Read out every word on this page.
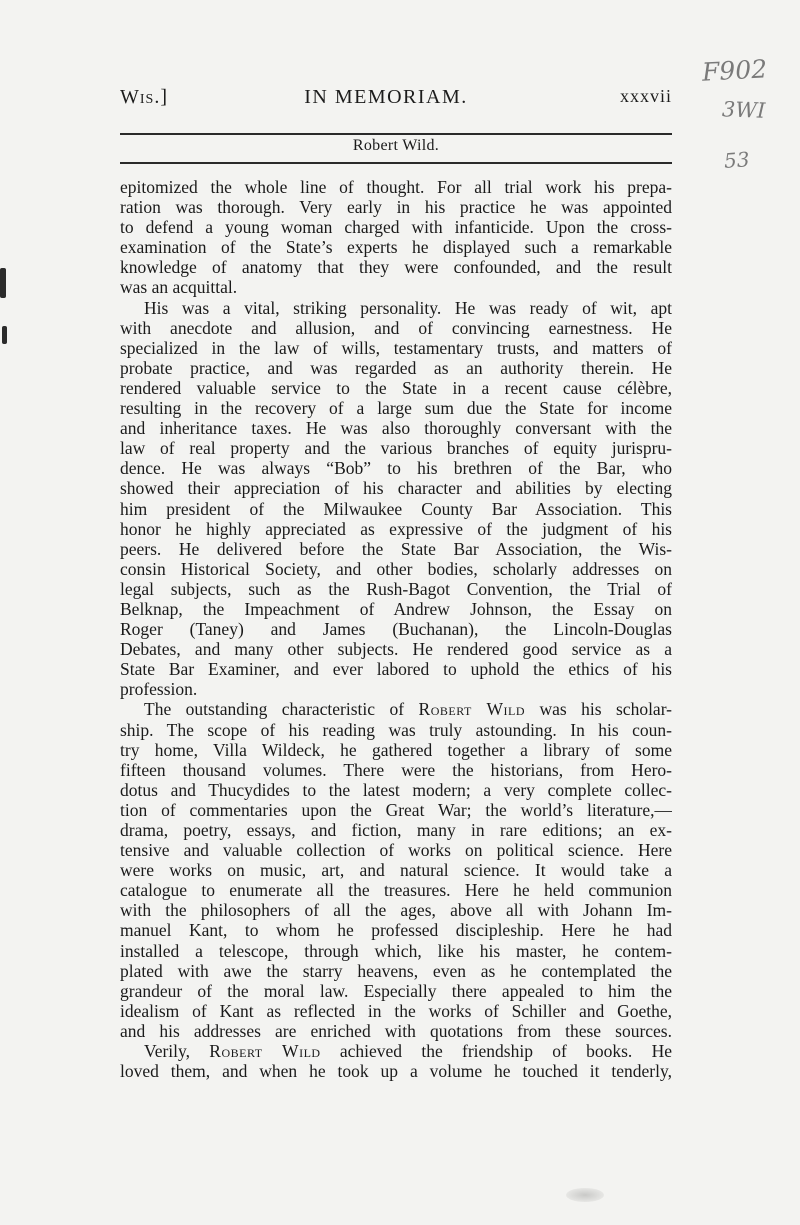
Wis.]	IN MEMORIAM.	xxxvii
F902
3WI
53
Robert Wild.
epitomized the whole line of thought. For all trial work his prepa-
ration was thorough. Very early in his practice he was appointed
to defend a young woman charged with infanticide. Upon the cross-
examination of the State’s experts he displayed such a remarkable
knowledge of anatomy that they were confounded, and the result
was an acquittal.
His was a vital, striking personality. He was ready of wit, apt
with anecdote and allusion, and of convincing earnestness. He
specialized in the law of wills, testamentary trusts, and matters of
probate practice, and was regarded as an authority therein. He
rendered valuable service to the State in a recent cause célèbre,
resulting in the recovery of a large sum due the State for income
and inheritance taxes. He was also thoroughly conversant with the
law of real property and the various branches of equity jurispru-
dence. He was always “Bob” to his brethren of the Bar, who
showed their appreciation of his character and abilities by electing
him president of the Milwaukee County Bar Association. This
honor he highly appreciated as expressive of the judgment of his
peers. He delivered before the State Bar Association, the Wis-
consin Historical Society, and other bodies, scholarly addresses on
legal subjects, such as the Rush-Bagot Convention, the Trial of
Belknap, the Impeachment of Andrew Johnson, the Essay on
Roger (Taney) and James (Buchanan), the Lincoln-Douglas
Debates, and many other subjects. He rendered good service as a
State Bar Examiner, and ever labored to uphold the ethics of his
profession.
The outstanding characteristic of Robert Wild was his scholar-
ship. The scope of his reading was truly astounding. In his coun-
try home, Villa Wildeck, he gathered together a library of some
fifteen thousand volumes. There were the historians, from Hero-
dotus and Thucydides to the latest modern; a very complete collec-
tion of commentaries upon the Great War; the world’s literature,—
drama, poetry, essays, and fiction, many in rare editions; an ex-
tensive and valuable collection of works on political science. Here
were works on music, art, and natural science. It would take a
catalogue to enumerate all the treasures. Here he held communion
with the philosophers of all the ages, above all with Johann Im-
manuel Kant, to whom he professed discipleship. Here he had
installed a telescope, through which, like his master, he contem-
plated with awe the starry heavens, even as he contemplated the
grandeur of the moral law. Especially there appealed to him the
idealism of Kant as reflected in the works of Schiller and Goethe,
and his addresses are enriched with quotations from these sources.
Verily, Robert Wild achieved the friendship of books. He
loved them, and when he took up a volume he touched it tenderly,
